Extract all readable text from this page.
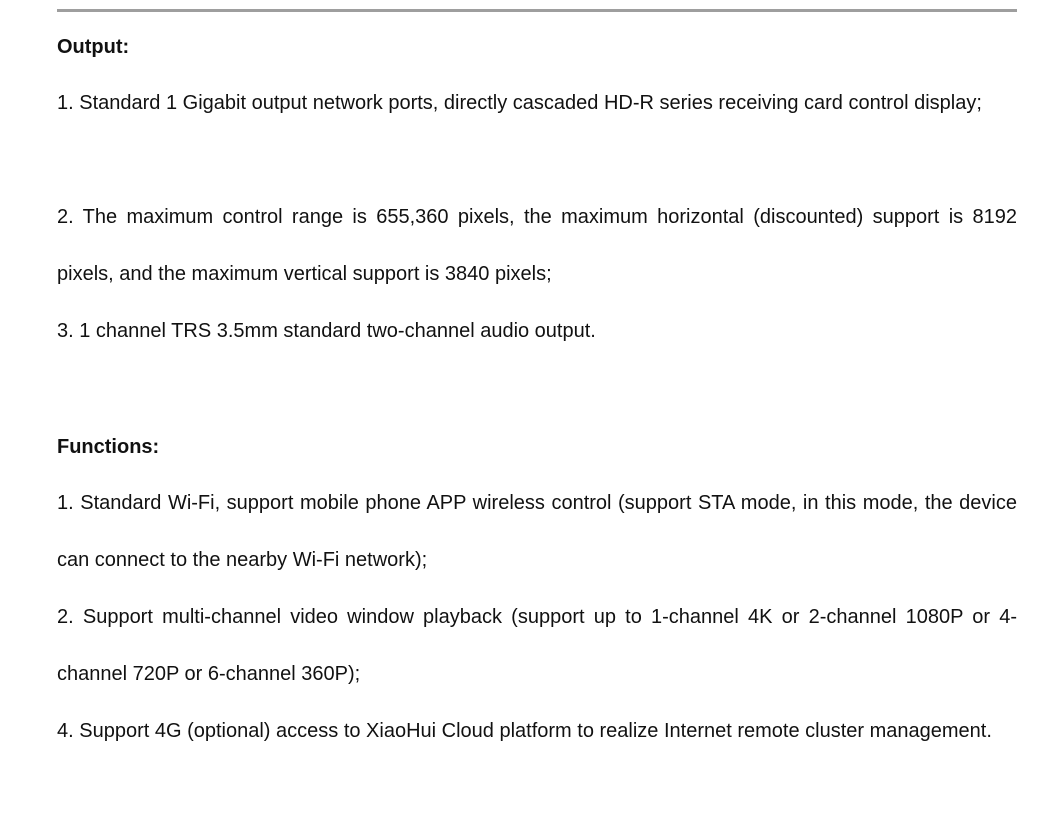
Output:
1. Standard 1 Gigabit output network ports, directly cascaded HD-R series receiving card control display;
2. The maximum control range is 655,360 pixels, the maximum horizontal (discounted) support is 8192 pixels, and the maximum vertical support is 3840 pixels;
3. 1 channel TRS 3.5mm standard two-channel audio output.
Functions:
1. Standard Wi-Fi, support mobile phone APP wireless control (support STA mode, in this mode, the device can connect to the nearby Wi-Fi network);
2. Support multi-channel video window playback (support up to 1-channel 4K or 2-channel 1080P or 4-channel 720P or 6-channel 360P);
4. Support 4G (optional) access to XiaoHui Cloud platform to realize Internet remote cluster management.
